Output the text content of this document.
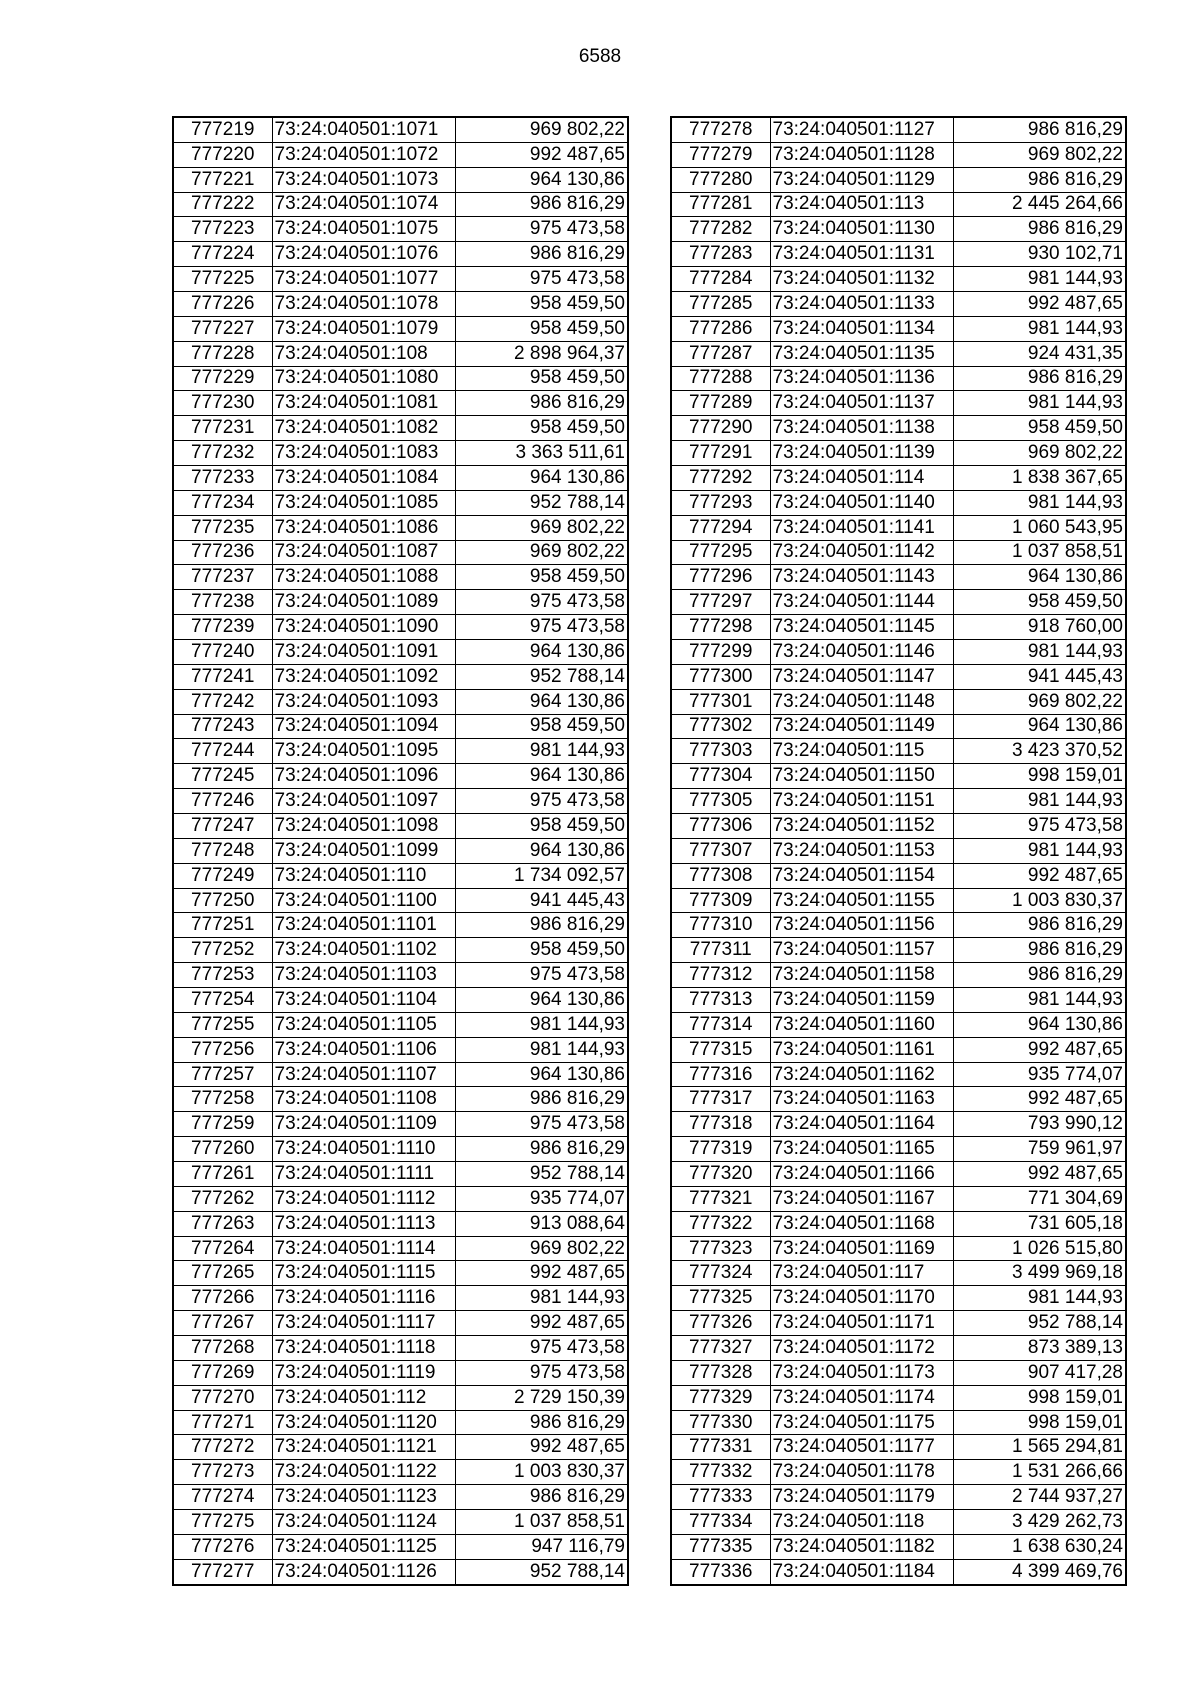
6588
777219	73:24:040501:1071	969 802,22
777220	73:24:040501:1072	992 487,65
777221	73:24:040501:1073	964 130,86
777222	73:24:040501:1074	986 816,29
777223	73:24:040501:1075	975 473,58
777224	73:24:040501:1076	986 816,29
777225	73:24:040501:1077	975 473,58
777226	73:24:040501:1078	958 459,50
777227	73:24:040501:1079	958 459,50
777228	73:24:040501:108	2 898 964,37
777229	73:24:040501:1080	958 459,50
777230	73:24:040501:1081	986 816,29
777231	73:24:040501:1082	958 459,50
777232	73:24:040501:1083	3 363 511,61
777233	73:24:040501:1084	964 130,86
777234	73:24:040501:1085	952 788,14
777235	73:24:040501:1086	969 802,22
777236	73:24:040501:1087	969 802,22
777237	73:24:040501:1088	958 459,50
777238	73:24:040501:1089	975 473,58
777239	73:24:040501:1090	975 473,58
777240	73:24:040501:1091	964 130,86
777241	73:24:040501:1092	952 788,14
777242	73:24:040501:1093	964 130,86
777243	73:24:040501:1094	958 459,50
777244	73:24:040501:1095	981 144,93
777245	73:24:040501:1096	964 130,86
777246	73:24:040501:1097	975 473,58
777247	73:24:040501:1098	958 459,50
777248	73:24:040501:1099	964 130,86
777249	73:24:040501:110	1 734 092,57
777250	73:24:040501:1100	941 445,43
777251	73:24:040501:1101	986 816,29
777252	73:24:040501:1102	958 459,50
777253	73:24:040501:1103	975 473,58
777254	73:24:040501:1104	964 130,86
777255	73:24:040501:1105	981 144,93
777256	73:24:040501:1106	981 144,93
777257	73:24:040501:1107	964 130,86
777258	73:24:040501:1108	986 816,29
777259	73:24:040501:1109	975 473,58
777260	73:24:040501:1110	986 816,29
777261	73:24:040501:1111	952 788,14
777262	73:24:040501:1112	935 774,07
777263	73:24:040501:1113	913 088,64
777264	73:24:040501:1114	969 802,22
777265	73:24:040501:1115	992 487,65
777266	73:24:040501:1116	981 144,93
777267	73:24:040501:1117	992 487,65
777268	73:24:040501:1118	975 473,58
777269	73:24:040501:1119	975 473,58
777270	73:24:040501:112	2 729 150,39
777271	73:24:040501:1120	986 816,29
777272	73:24:040501:1121	992 487,65
777273	73:24:040501:1122	1 003 830,37
777274	73:24:040501:1123	986 816,29
777275	73:24:040501:1124	1 037 858,51
777276	73:24:040501:1125	947 116,79
777277	73:24:040501:1126	952 788,14
777278	73:24:040501:1127	986 816,29
777279	73:24:040501:1128	969 802,22
777280	73:24:040501:1129	986 816,29
777281	73:24:040501:113	2 445 264,66
777282	73:24:040501:1130	986 816,29
777283	73:24:040501:1131	930 102,71
777284	73:24:040501:1132	981 144,93
777285	73:24:040501:1133	992 487,65
777286	73:24:040501:1134	981 144,93
777287	73:24:040501:1135	924 431,35
777288	73:24:040501:1136	986 816,29
777289	73:24:040501:1137	981 144,93
777290	73:24:040501:1138	958 459,50
777291	73:24:040501:1139	969 802,22
777292	73:24:040501:114	1 838 367,65
777293	73:24:040501:1140	981 144,93
777294	73:24:040501:1141	1 060 543,95
777295	73:24:040501:1142	1 037 858,51
777296	73:24:040501:1143	964 130,86
777297	73:24:040501:1144	958 459,50
777298	73:24:040501:1145	918 760,00
777299	73:24:040501:1146	981 144,93
777300	73:24:040501:1147	941 445,43
777301	73:24:040501:1148	969 802,22
777302	73:24:040501:1149	964 130,86
777303	73:24:040501:115	3 423 370,52
777304	73:24:040501:1150	998 159,01
777305	73:24:040501:1151	981 144,93
777306	73:24:040501:1152	975 473,58
777307	73:24:040501:1153	981 144,93
777308	73:24:040501:1154	992 487,65
777309	73:24:040501:1155	1 003 830,37
777310	73:24:040501:1156	986 816,29
777311	73:24:040501:1157	986 816,29
777312	73:24:040501:1158	986 816,29
777313	73:24:040501:1159	981 144,93
777314	73:24:040501:1160	964 130,86
777315	73:24:040501:1161	992 487,65
777316	73:24:040501:1162	935 774,07
777317	73:24:040501:1163	992 487,65
777318	73:24:040501:1164	793 990,12
777319	73:24:040501:1165	759 961,97
777320	73:24:040501:1166	992 487,65
777321	73:24:040501:1167	771 304,69
777322	73:24:040501:1168	731 605,18
777323	73:24:040501:1169	1 026 515,80
777324	73:24:040501:117	3 499 969,18
777325	73:24:040501:1170	981 144,93
777326	73:24:040501:1171	952 788,14
777327	73:24:040501:1172	873 389,13
777328	73:24:040501:1173	907 417,28
777329	73:24:040501:1174	998 159,01
777330	73:24:040501:1175	998 159,01
777331	73:24:040501:1177	1 565 294,81
777332	73:24:040501:1178	1 531 266,66
777333	73:24:040501:1179	2 744 937,27
777334	73:24:040501:118	3 429 262,73
777335	73:24:040501:1182	1 638 630,24
777336	73:24:040501:1184	4 399 469,76
